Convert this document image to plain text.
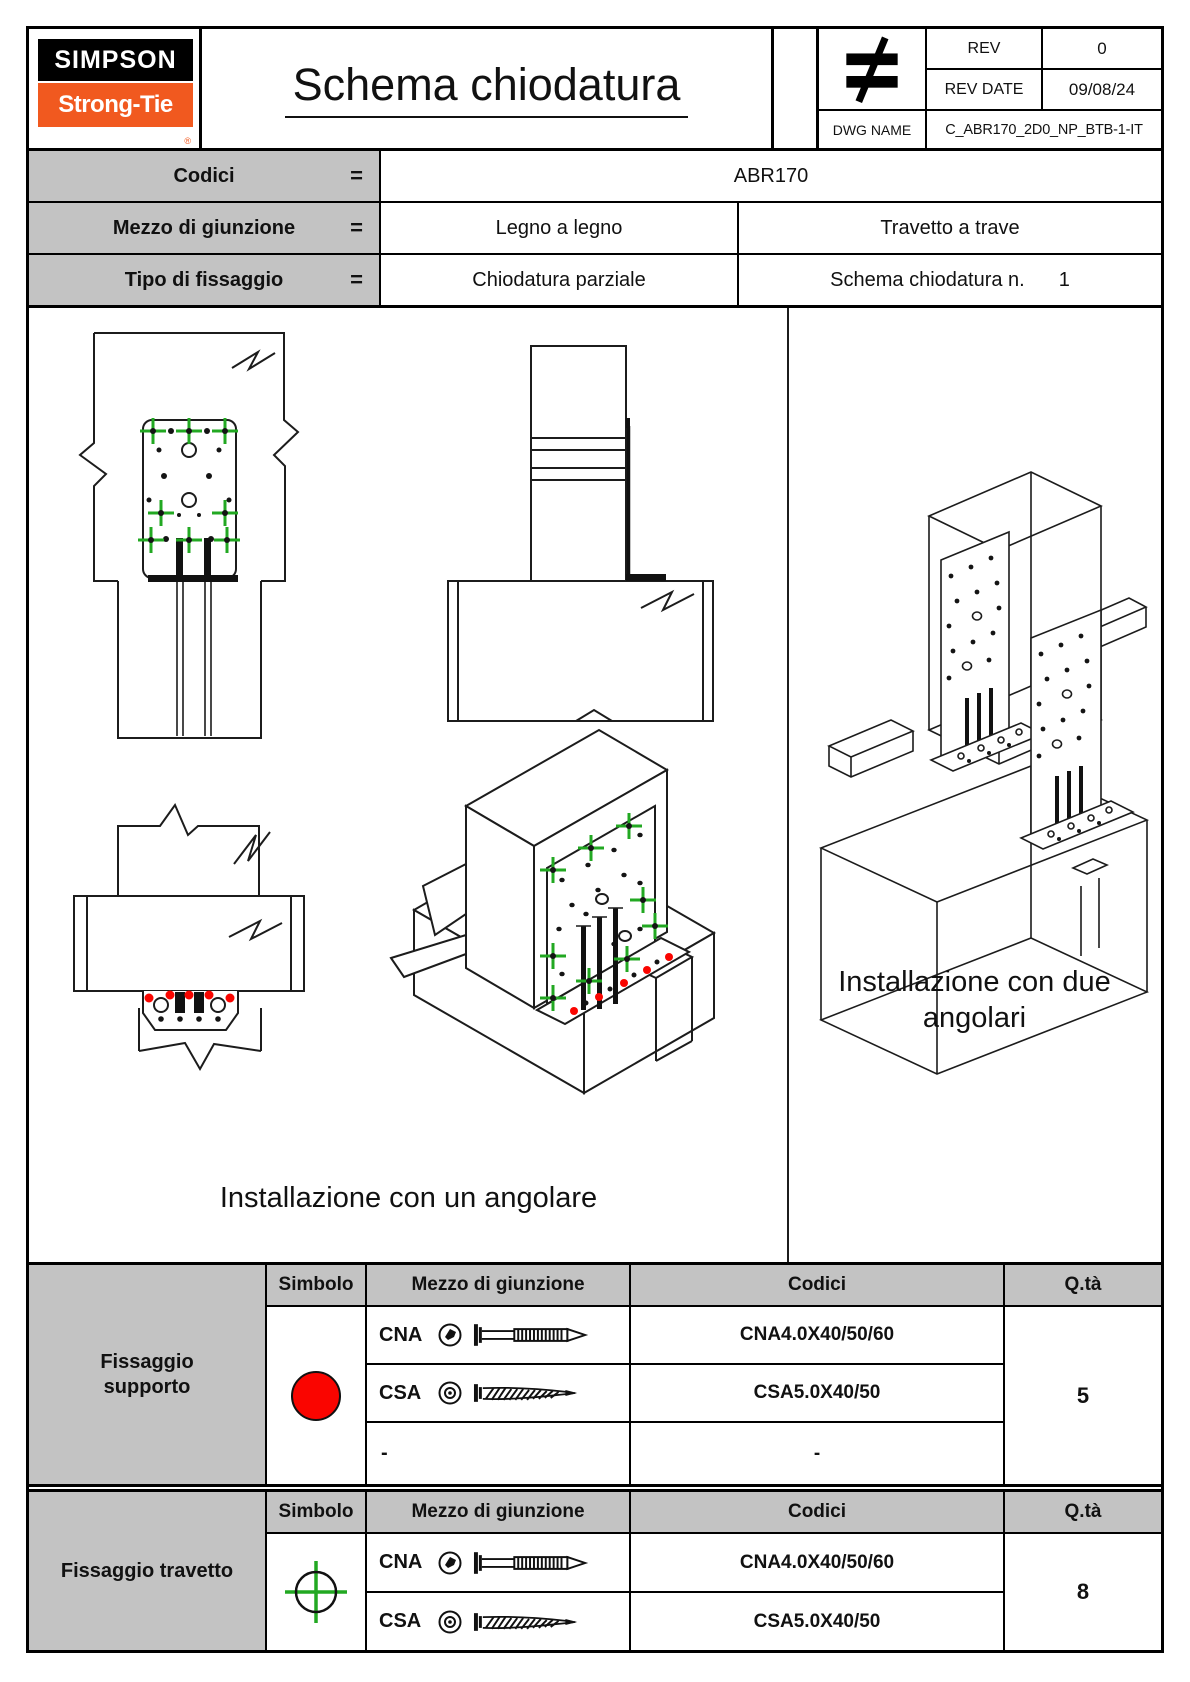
SIMPSON
Strong-Tie
®
Schema chiodatura
REV	0
REV DATE	09/08/24
DWG NAME	C_ABR170_2D0_NP_BTB-1-IT
Codici	=	ABR170
Mezzo di giunzione	=	Legno a legno	Travetto a trave
Tipo di fissaggio	=	Chiodatura parziale	Schema chiodatura n. 1
Installazione con un angolare
Installazione con due
angolari
Fissaggio supporto
Simbolo	Mezzo di giunzione	Codici	Q.tà
CNA	CNA4.0X40/50/60
CSA	CSA5.0X40/50
-	-
5
Fissaggio travetto
Simbolo	Mezzo di giunzione	Codici	Q.tà
CNA	CNA4.0X40/50/60
CSA	CSA5.0X40/50
8
